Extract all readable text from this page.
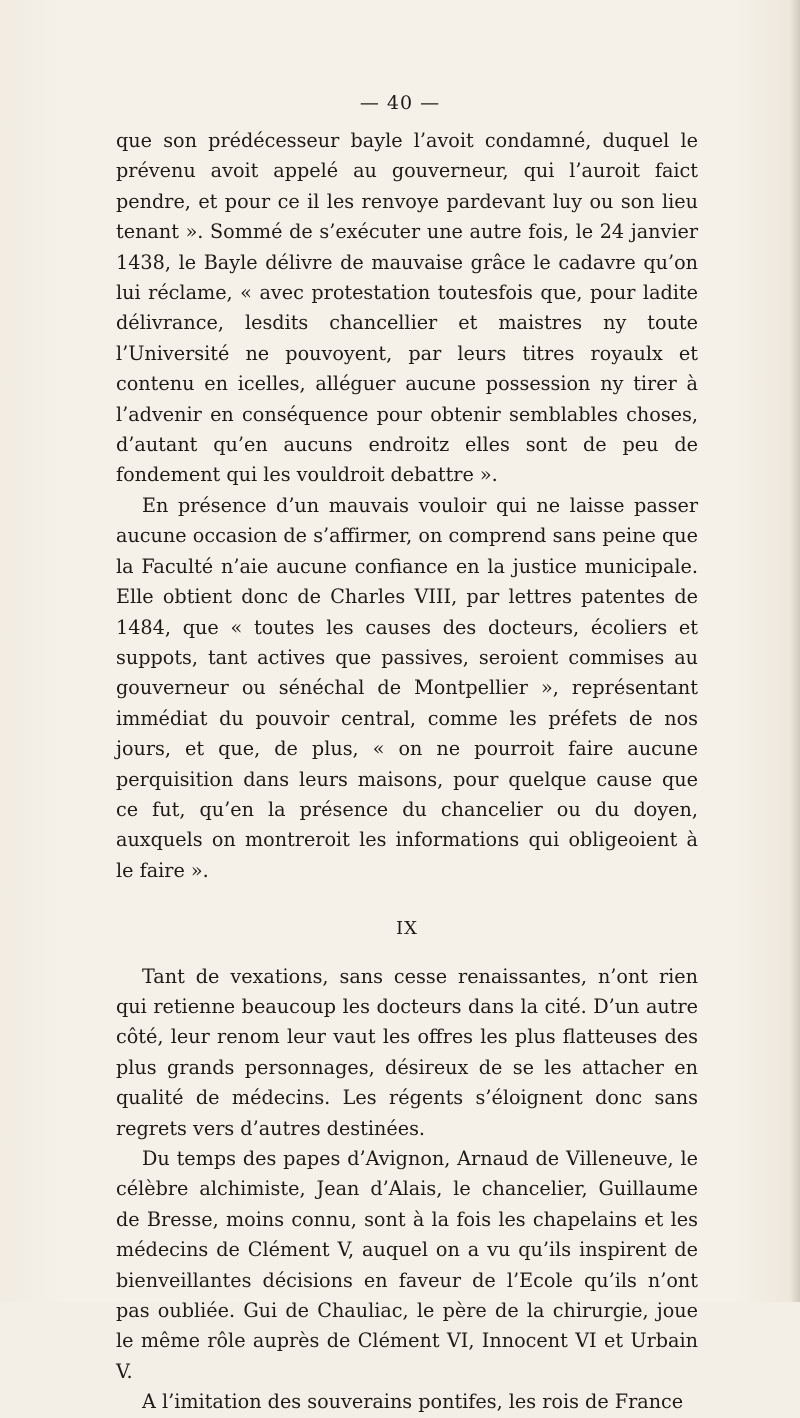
— 40 —

que son prédécesseur bayle l’avoit condamné, duquel le prévenu avoit appelé au gouverneur, qui l’auroit faict pendre, et pour ce il les renvoye pardevant luy ou son lieu tenant ». Sommé de s’exécuter une autre fois, le 24 janvier 1438, le Bayle délivre de mauvaise grâce le cadavre qu’on lui réclame, « avec protestation toutesfois que, pour ladite délivrance, lesdits chancellier et maistres ny toute l’Université ne pouvoyent, par leurs titres royaulx et contenu en icelles, alléguer aucune possession ny tirer à l’advenir en conséquence pour obtenir semblables choses, d’autant qu’en aucuns endroitz elles sont de peu de fondement qui les vouldroit debattre ».

En présence d’un mauvais vouloir qui ne laisse passer aucune occasion de s’affirmer, on comprend sans peine que la Faculté n’aie aucune confiance en la justice municipale. Elle obtient donc de Charles VIII, par lettres patentes de 1484, que « toutes les causes des docteurs, écoliers et suppots, tant actives que passives, seroient commises au gouverneur ou sénéchal de Montpellier », représentant immédiat du pouvoir central, comme les préfets de nos jours, et que, de plus, « on ne pourroit faire aucune perquisition dans leurs maisons, pour quelque cause que ce fut, qu’en la présence du chancelier ou du doyen, auxquels on montreroit les informations qui obligeoient à le faire ».

IX

Tant de vexations, sans cesse renaissantes, n’ont rien qui retienne beaucoup les docteurs dans la cité. D’un autre côté, leur renom leur vaut les offres les plus flatteuses des plus grands personnages, désireux de se les attacher en qualité de médecins. Les régents s’éloignent donc sans regrets vers d’autres destinées.

Du temps des papes d’Avignon, Arnaud de Villeneuve, le célèbre alchimiste, Jean d’Alais, le chancelier, Guillaume de Bresse, moins connu, sont à la fois les chapelains et les médecins de Clément V, auquel on a vu qu’ils inspirent de bienveillantes décisions en faveur de l’Ecole qu’ils n’ont pas oubliée. Gui de Chauliac, le père de la chirurgie, joue le même rôle auprès de Clément VI, Innocent VI et Urbain V.

A l’imitation des souverains pontifes, les rois de France
